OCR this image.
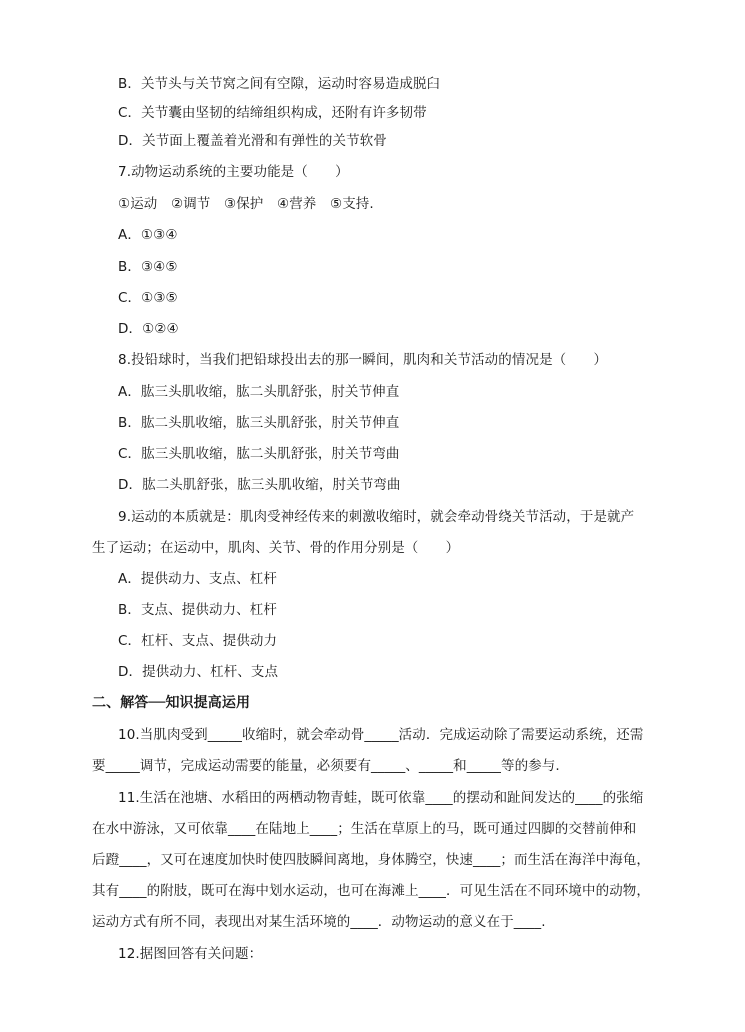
B．关节头与关节窝之间有空隙，运动时容易造成脱臼
C．关节囊由坚韧的结缔组织构成，还附有许多韧带
D．关节面上覆盖着光滑和有弹性的关节软骨
7.动物运动系统的主要功能是（　　）
①运动　②调节　③保护　④营养　⑤支持.
A．①③④
B．③④⑤
C．①③⑤
D．①②④
8.投铅球时，当我们把铅球投出去的那一瞬间，肌肉和关节活动的情况是（　　）
A．肱三头肌收缩，肱二头肌舒张，肘关节伸直
B．肱二头肌收缩，肱三头肌舒张，肘关节伸直
C．肱三头肌收缩，肱二头肌舒张，肘关节弯曲
D．肱二头肌舒张，肱三头肌收缩，肘关节弯曲
9.运动的本质就是：肌肉受神经传来的刺激收缩时，就会牵动骨绕关节活动，于是就产
生了运动；在运动中，肌肉、关节、骨的作用分别是（　　）
A．提供动力、支点、杠杆
B．支点、提供动力、杠杆
C．杠杆、支点、提供动力
D．提供动力、杠杆、支点
二、解答──知识提高运用
10.当肌肉受到_____收缩时，就会牵动骨_____活动．完成运动除了需要运动系统，还需
要_____调节，完成运动需要的能量，必须要有_____、_____和_____等的参与.
11.生活在池塘、水稻田的两栖动物青蛙，既可依靠____的摆动和趾间发达的____的张缩
在水中游泳，又可依靠____在陆地上____；生活在草原上的马，既可通过四脚的交替前伸和
后蹬____，又可在速度加快时使四肢瞬间离地，身体腾空，快速____；而生活在海洋中海龟，
其有____的附肢，既可在海中划水运动，也可在海滩上____．可见生活在不同环境中的动物，
运动方式有所不同，表现出对某生活环境的____．动物运动的意义在于____.
12.据图回答有关问题：
